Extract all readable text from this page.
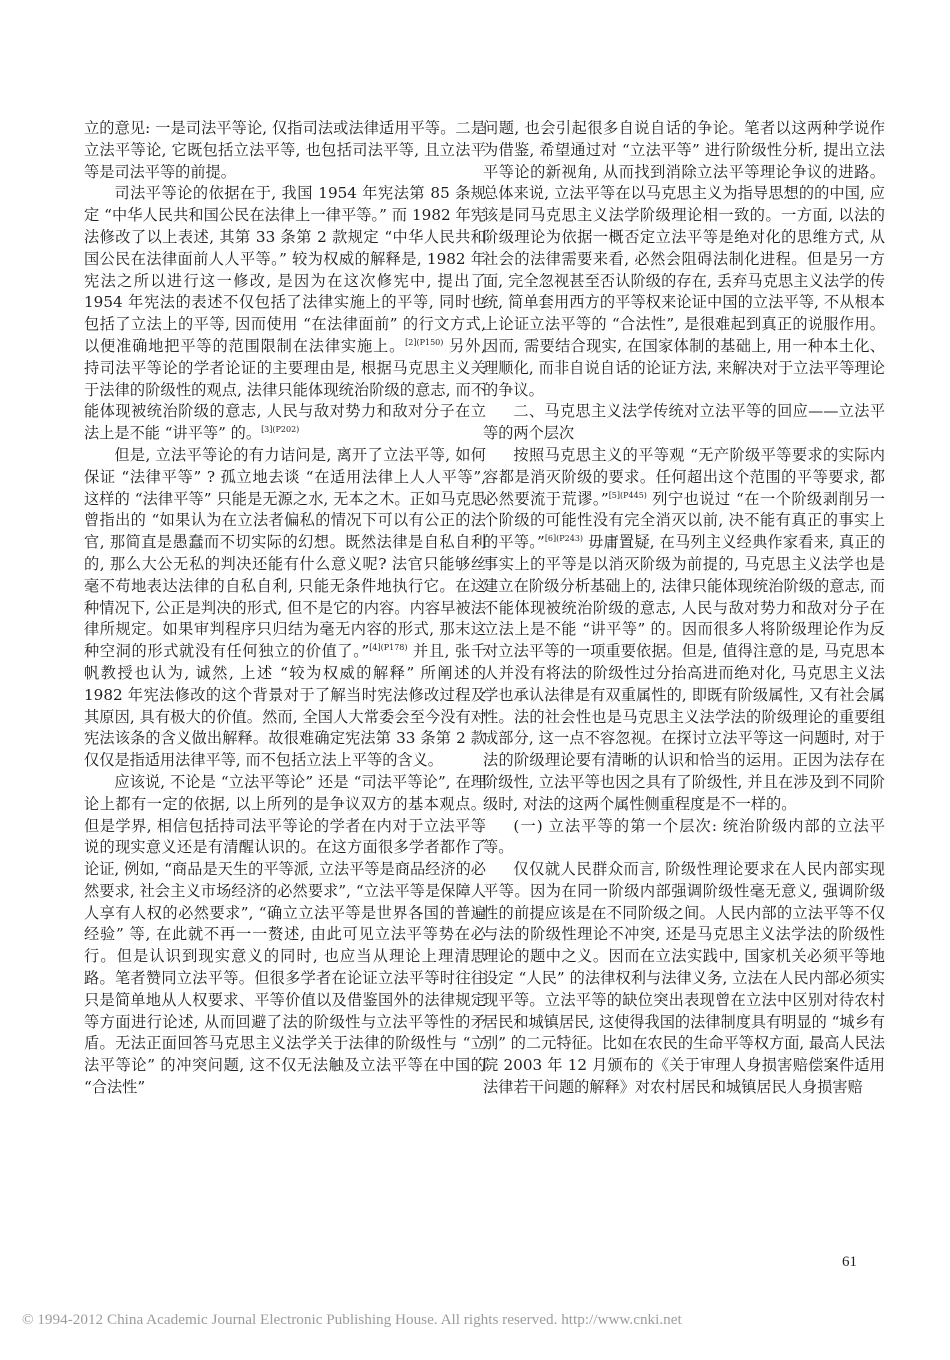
立的意见: 一是司法平等论, 仅指司法或法律适用平等。二是立法平等论, 它既包括立法平等, 也包括司法平等, 且立法平等是司法平等的前提。

司法平等论的依据在于, 我国 1954 年宪法第 85 条规定 “中华人民共和国公民在法律上一律平等。” 而 1982 年宪法修改了以上表述, 其第 33 条第 2 款规定 “中华人民共和国公民在法律面前人人平等。” 较为权威的解释是, 1982 年宪法之所以进行这一修改, 是因为在这次修宪中, 提出了 1954 年宪法的表述不仅包括了法律实施上的平等, 同时也包括了立法上的平等, 因而使用 “在法律面前” 的行文方式, 以便准确地把平等的范围限制在法律实施上。$^{[2](P150)}$ 另外, 持司法平等论的学者论证的主要理由是, 根据马克思主义关于法律的阶级性的观点, 法律只能体现统治阶级的意志, 而不能体现被统治阶级的意志, 人民与敌对势力和敌对分子在立法上是不能 “讲平等” 的。$^{[3](P202)}$

但是, 立法平等论的有力诘问是, 离开了立法平等, 如何保证 “法律平等” ? 孤立地去谈 “在适用法律上人人平等”, 这样的 “法律平等” 只能是无源之水, 无本之木。正如马克思曾指出的 “如果认为在立法者偏私的情况下可以有公正的法官, 那简直是愚蠢而不切实际的幻想。既然法律是自私自利的, 那么大公无私的判决还能有什么意义呢? 法官只能够丝毫不苟地表达法律的自私自利, 只能无条件地执行它。在这种情况下, 公正是判决的形式, 但不是它的内容。内容早被法律所规定。如果审判程序只归结为毫无内容的形式, 那末这种空洞的形式就没有任何独立的价值了。”$^{[4](P178)}$ 并且, 张千帆教授也认为, 诚然, 上述 “较为权威的解释” 所阐述的 1982 年宪法修改的这个背景对于了解当时宪法修改过程及其原因, 具有极大的价值。然而, 全国人大常委会至今没有对宪法该条的含义做出解释。故很难确定宪法第 33 条第 2 款仅仅是指适用法律平等, 而不包括立法上平等的含义。

应该说, 不论是 “立法平等论” 还是 “司法平等论”, 在理论上都有一定的依据, 以上所列的是争议双方的基本观点。但是学界, 相信包括持司法平等论的学者在内对于立法平等说的现实意义还是有清醒认识的。在这方面很多学者都作了论证, 例如, “商品是天生的平等派, 立法平等是商品经济的必然要求, 社会主义市场经济的必然要求”, “立法平等是保障人人享有人权的必然要求”, “确立立法平等是世界各国的普遍经验” 等, 在此就不再一一赘述, 由此可见立法平等势在必行。但是认识到现实意义的同时, 也应当从理论上理清思路。笔者赞同立法平等。但很多学者在论证立法平等时往往只是简单地从人权要求、平等价值以及借鉴国外的法律规定等方面进行论述, 从而回避了法的阶级性与立法平等性的矛盾。无法正面回答马克思主义法学关于法律的阶级性与 “立法平等论” 的冲突问题, 这不仅无法触及立法平等在中国的 “合法性”

问题, 也会引起很多自说自话的争论。笔者以这两种学说作为借鉴, 希望通过对 “立法平等” 进行阶级性分析, 提出立法平等论的新视角, 从而找到消除立法平等理论争议的进路。总体来说, 立法平等在以马克思主义为指导思想的的中国, 应该是同马克思主义法学阶级理论相一致的。一方面, 以法的阶级理论为依据一概否定立法平等是绝对化的思维方式, 从社会的法律需要来看, 必然会阻碍法制化进程。但是另一方面, 完全忽视甚至否认阶级的存在, 丢弃马克思主义法学的传统, 简单套用西方的平等权来论证中国的立法平等, 不从根本上论证立法平等的 “合法性”, 是很难起到真正的说服作用。因而, 需要结合现实, 在国家体制的基础上, 用一种本土化、理顺化, 而非自说自话的论证方法, 来解决对于立法平等理论的争议。

二、马克思主义法学传统对立法平等的回应——立法平等的两个层次

按照马克思主义的平等观 “无产阶级平等要求的实际内容都是消灭阶级的要求。任何超出这个范围的平等要求, 都必然要流于荒谬。”$^{[5](P445)}$ 列宁也说过 “在一个阶级剥削另一个阶级的可能性没有完全消灭以前, 决不能有真正的事实上的平等。”$^{[6](P243)}$ 毋庸置疑, 在马列主义经典作家看来, 真正的事实上的平等是以消灭阶级为前提的, 马克思主义法学也是建立在阶级分析基础上的, 法律只能体现统治阶级的意志, 而不能体现被统治阶级的意志, 人民与敌对势力和敌对分子在立法上是不能 “讲平等” 的。因而很多人将阶级理论作为反对立法平等的一项重要依据。但是, 值得注意的是, 马克思本人并没有将法的阶级性过分抬高进而绝对化, 马克思主义法学也承认法律是有双重属性的, 即既有阶级属性, 又有社会属性。法的社会性也是马克思主义法学法的阶级理论的重要组成部分, 这一点不容忽视。在探讨立法平等这一问题时, 对于法的阶级理论要有清晰的认识和恰当的运用。正因为法存在阶级性, 立法平等也因之具有了阶级性, 并且在涉及到不同阶级时, 对法的这两个属性侧重程度是不一样的。

(一) 立法平等的第一个层次: 统治阶级内部的立法平等。

仅仅就人民群众而言, 阶级性理论要求在人民内部实现平等。因为在同一阶级内部强调阶级性毫无意义, 强调阶级性的前提应该是在不同阶级之间。人民内部的立法平等不仅与法的阶级性理论不冲突, 还是马克思主义法学法的阶级性理论的题中之义。因而在立法实践中, 国家机关必须平等地设定 “人民” 的法律权利与法律义务, 立法在人民内部必须实现平等。立法平等的缺位突出表现曾在立法中区别对待农村居民和城镇居民, 这使得我国的法律制度具有明显的 “城乡有别” 的二元特征。比如在农民的生命平等权方面, 最高人民法院 2003 年 12 月颁布的《关于审理人身损害赔偿案件适用法律若干问题的解释》对农村居民和城镇居民人身损害赔

61
© 1994-2012 China Academic Journal Electronic Publishing House. All rights reserved. http://www.cnki.net
